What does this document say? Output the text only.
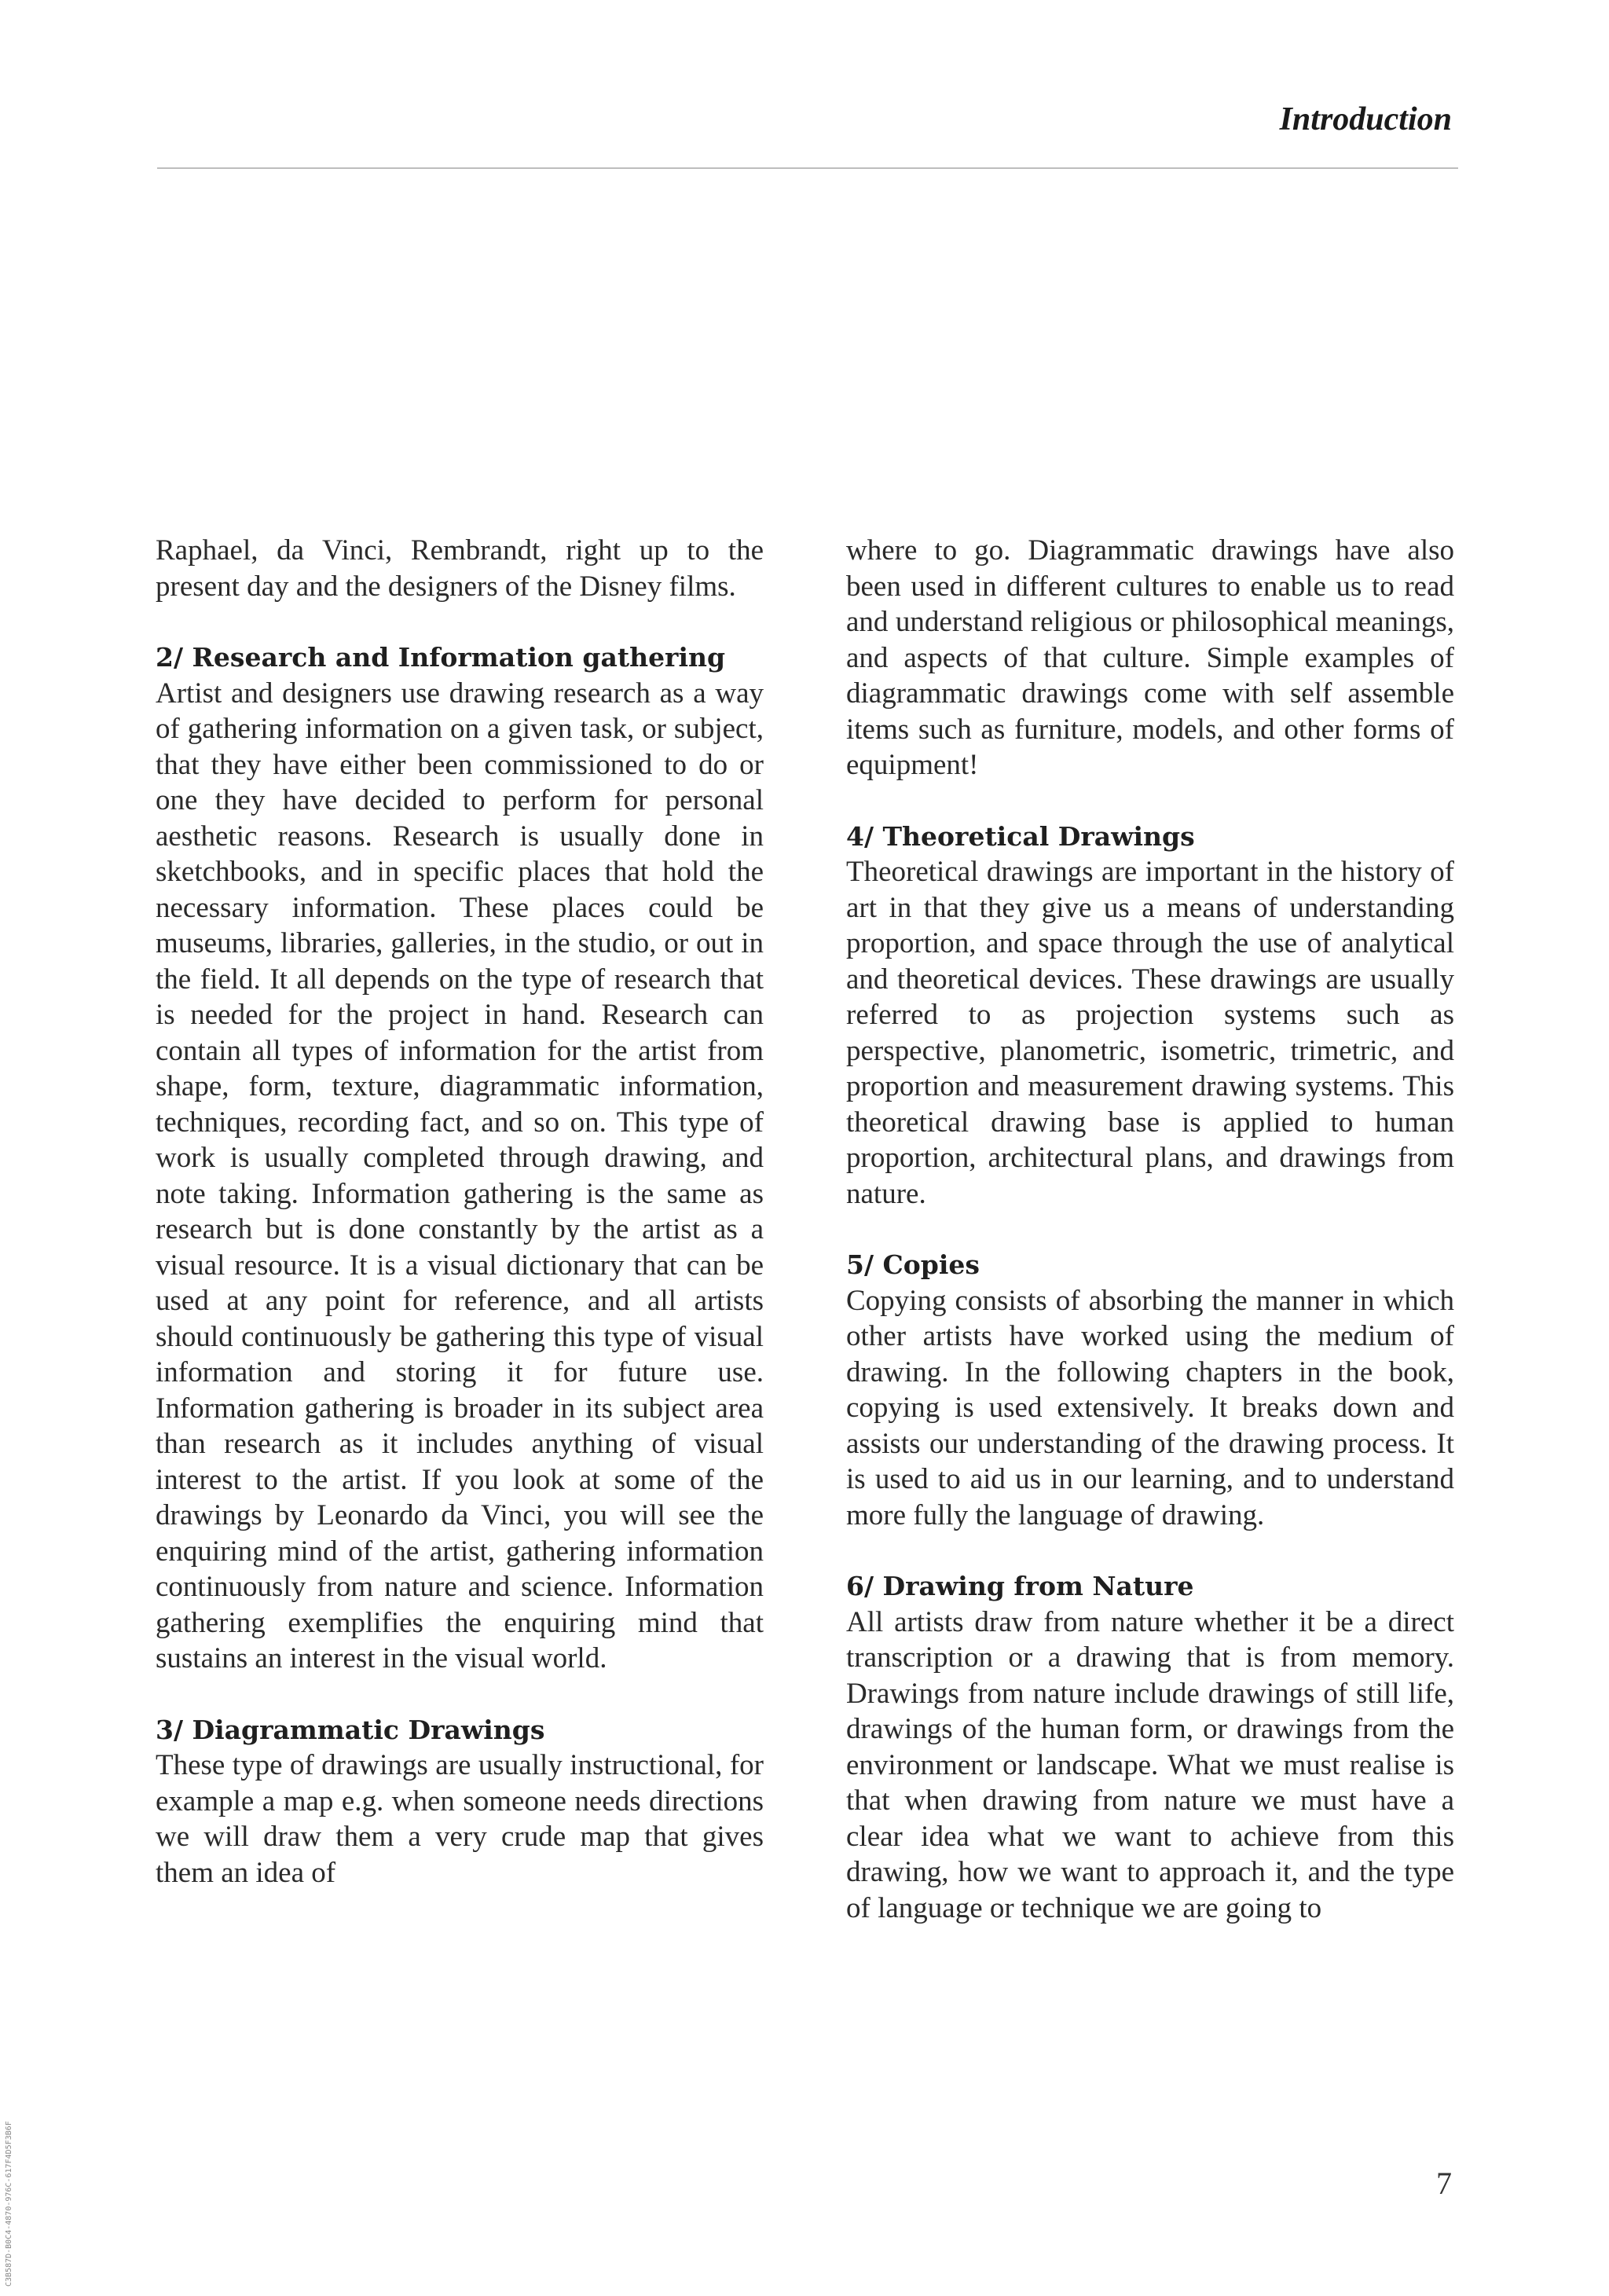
Introduction

Raphael, da Vinci, Rembrandt, right up to the present day and the designers of the Disney films.

2/ Research and Information gathering

Artist and designers use drawing research as a way of gathering information on a given task, or subject, that they have either been commissioned to do or one they have decided to perform for personal aesthetic reasons. Research is usually done in sketchbooks, and in specific places that hold the necessary information. These places could be museums, libraries, galleries, in the studio, or out in the field. It all depends on the type of research that is needed for the project in hand. Research can contain all types of information for the artist from shape, form, texture, diagrammatic information, techniques, recording fact, and so on. This type of work is usually completed through drawing, and note taking. Information gathering is the same as research but is done constantly by the artist as a visual resource. It is a visual dictionary that can be used at any point for reference, and all artists should continuously be gathering this type of visual information and storing it for future use. Information gathering is broader in its subject area than research as it includes anything of visual interest to the artist. If you look at some of the drawings by Leonardo da Vinci, you will see the enquiring mind of the artist, gathering information continuously from nature and science. Information gathering exemplifies the enquiring mind that sustains an interest in the visual world.

3/ Diagrammatic Drawings

These type of drawings are usually instructional, for example a map e.g. when someone needs directions we will draw them a very crude map that gives them an idea of

where to go. Diagrammatic drawings have also been used in different cultures to enable us to read and understand religious or philosophical meanings, and aspects of that culture. Simple examples of diagrammatic drawings come with self assemble items such as furniture, models, and other forms of equipment!

4/ Theoretical Drawings

Theoretical drawings are important in the history of art in that they give us a means of understanding proportion, and space through the use of analytical and theoretical devices. These drawings are usually referred to as projection systems such as perspective, planometric, isometric, trimetric, and proportion and measurement drawing systems. This theoretical drawing base is applied to human proportion, architectural plans, and drawings from nature.

5/ Copies

Copying consists of absorbing the manner in which other artists have worked using the medium of drawing. In the following chapters in the book, copying is used extensively. It breaks down and assists our understanding of the drawing process. It is used to aid us in our learning, and to understand more fully the language of drawing.

6/ Drawing from Nature

All artists draw from nature whether it be a direct transcription or a drawing that is from memory. Drawings from nature include drawings of still life, drawings of the human form, or drawings from the environment or landscape. What we must realise is that when drawing from nature we must have a clear idea what we want to achieve from this drawing, how we want to approach it, and the type of language or technique we are going to

7
C3B587D-B0C4-4870-976C-617F4D5F3B6F
